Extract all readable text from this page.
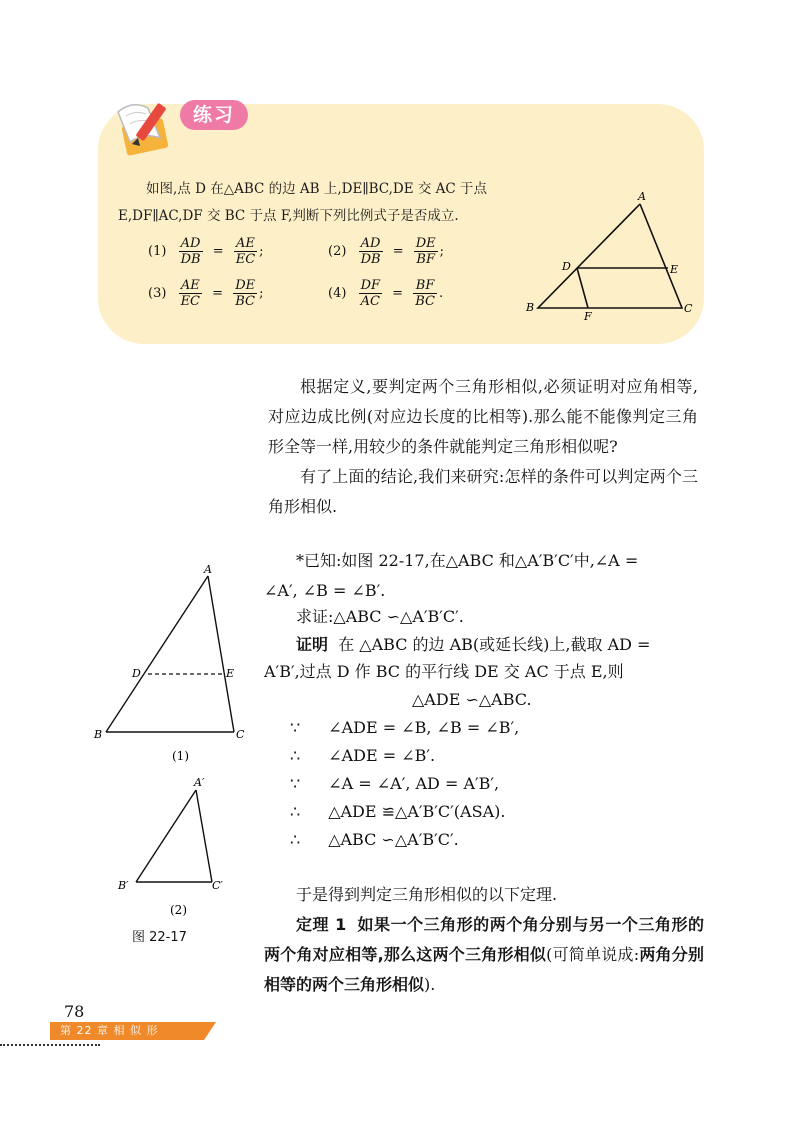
练习
如图,点 D 在△ABC 的边 AB 上,DE∥BC,DE 交 AC 于点
E,DF∥AC,DF 交 BC 于点 F,判断下列比例式子是否成立.
$(1) \frac{AD}{DB} = \frac{AE}{EC}$ ;	$(2) \frac{AD}{DB} = \frac{DE}{BF}$ ;
$(3) \frac{AE}{EC} = \frac{DE}{BC}$ ;	$(4) \frac{DF}{AC} = \frac{BF}{BC}$ .
A
B	C
D	E
F
根据定义,要判定两个三角形相似,必须证明对应角相等,对应边成比例(对应边长度的比相等).那么能不能像判定三角形全等一样,用较少的条件就能判定三角形相似呢?
有了上面的结论,我们来研究:怎样的条件可以判定两个三角形相似.
*已知:如图 22-17,在△ABC 和△A′B′C′中,∠A =
∠A′, ∠B = ∠B′.
求证:△ABC ∽△A′B′C′.
证明 在 △ABC 的边 AB(或延长线)上,截取 AD =
A′B′,过点 D 作 BC 的平行线 DE 交 AC 于点 E,则
△ADE ∽△ABC.
∵ ∠ADE = ∠B, ∠B = ∠B′,
∴ ∠ADE = ∠B′.
∵ ∠A = ∠A′, AD = A′B′,
∴ △ADE ≌△A′B′C′(ASA).
∴ △ABC ∽△A′B′C′.
于是得到判定三角形相似的以下定理.
定理 1 如果一个三角形的两个角分别与另一个三角形的两个角对应相等,那么这两个三角形相似(可简单说成:两角分别相等的两个三角形相似).
A
B	C
D	E
(1)
A′
B′	C′
(2)
图 22-17
78
第 22 章 相 似 形
